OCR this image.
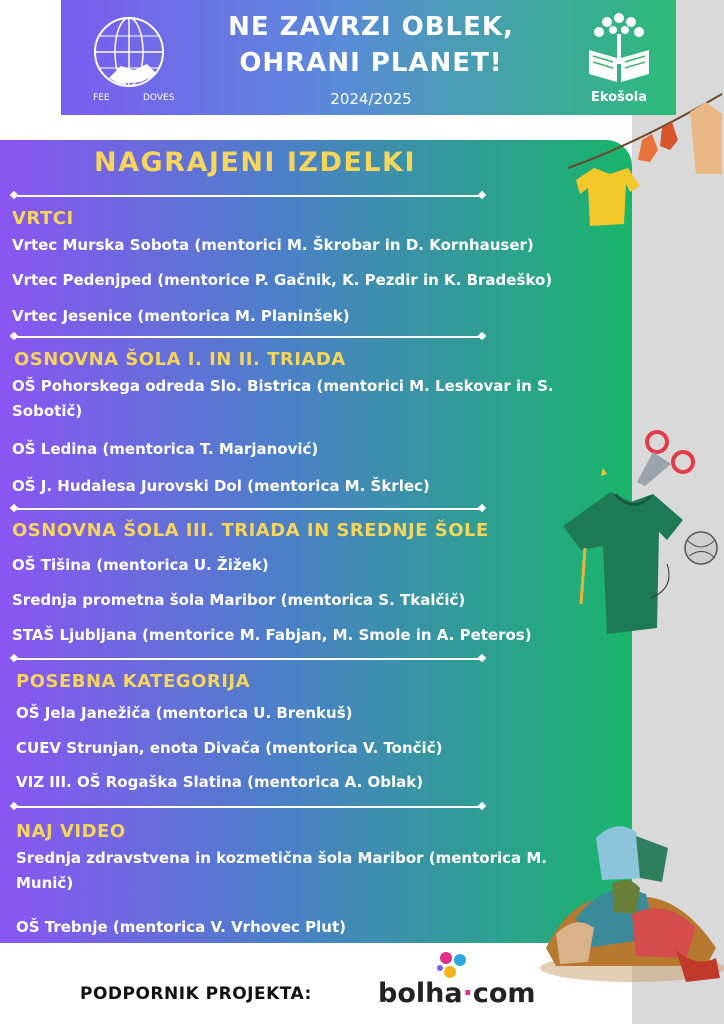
FEE	DOVES
NE ZAVRZI OBLEK,
OHRANI PLANET!
2024/2025	Ekošola
NAGRAJENI IZDELKI
VRTCI
Vrtec Murska Sobota (mentorici M. Škrobar in D. Kornhauser)
Vrtec Pedenjped (mentorice P. Gačnik, K. Pezdir in K. Bradeško)
Vrtec Jesenice (mentorica M. Planinšek)
OSNOVNA ŠOLA I. IN II. TRIADA
OŠ Pohorskega odreda Slo. Bistrica (mentorici M. Leskovar in S. Sobotič)
OŠ Ledina (mentorica T. Marjanović)
OŠ J. Hudalesa Jurovski Dol (mentorica M. Škrlec)
OSNOVNA ŠOLA III. TRIADA IN SREDNJE ŠOLE
OŠ Tišina (mentorica U. Žižek)
Srednja prometna šola Maribor (mentorica S. Tkalčič)
STAŠ Ljubljana (mentorice M. Fabjan, M. Smole in A. Peteros)
POSEBNA KATEGORIJA
OŠ Jela Janežiča (mentorica U. Brenkuš)
CUEV Strunjan, enota Divača (mentorica V. Tončič)
VIZ III. OŠ Rogaška Slatina (mentorica A. Oblak)
NAJ VIDEO
Srednja zdravstvena in kozmetična šola Maribor (mentorica M. Munič)
OŠ Trebnje (mentorica V. Vrhovec Plut)
PODPORNIK PROJEKTA: bolha·com
